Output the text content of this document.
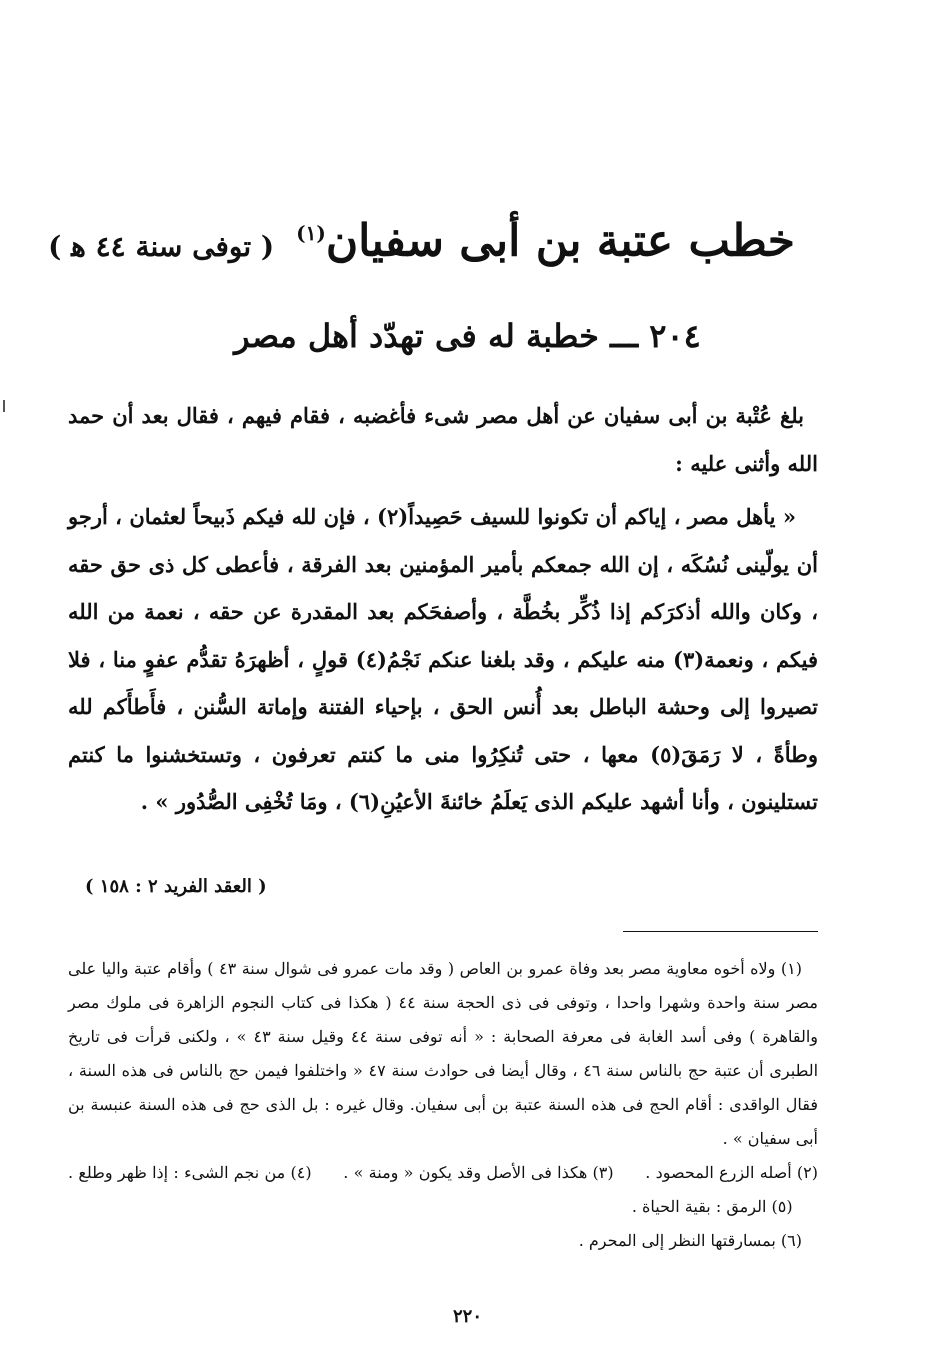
خطب عتبة بن أبى سفيان$^{(١)}$( توفى سنة ٤٤ ﻫ )
٢٠٤ ـــ خطبة له فى تهدّد أهل مصر

بلغ عُتْبة بن أبى سفيان عن أهل مصر شىء فأغضبه ، فقام فيهم ، فقال بعد أن حمد الله وأثنى عليه :

« يأهل مصر ، إياكم أن تكونوا للسيف حَصِيداً(٢) ، فإن لله فيكم ذَبيحاً لعثمان ، أرجو أن يولّينى نُسُكَه ، إن الله جمعكم بأمير المؤمنين بعد الفرقة ، فأعطى كل ذى حق حقه ، وكان والله أذكرَكم إذا ذُكِّر بخُطَّة ، وأصفحَكم بعد المقدرة عن حقه ، نعمة من الله فيكم ، ونعمة(٣) منه عليكم ، وقد بلغنا عنكم نَجْمُ(٤) قولٍ ، أظهرَهُ تقدُّم عفوٍ منا ، فلا تصيروا إلى وحشة الباطل بعد أُنس الحق ، بإحياء الفتنة وإماتة السُّنن ، فأَطأَكم لله وطأةً ، لا رَمَقَ(٥) معها ، حتى تُنكِرُوا منى ما كنتم تعرفون ، وتستخشنوا ما كنتم تستلينون ، وأنا أشهد عليكم الذى يَعلَمُ خائنةَ الأعيُنِ(٦) ، ومَا تُخْفِى الصُّدُور » .

( العقد الفريد ٢ : ١٥٨ )

(١) ولاه أخوه معاوية مصر بعد وفاة عمرو بن العاص ( وقد مات عمرو فى شوال سنة ٤٣ ) وأقام عتبة واليا على مصر سنة واحدة وشهرا واحدا ، وتوفى فى ذى الحجة سنة ٤٤ ( هكذا فى كتاب النجوم الزاهرة فى ملوك مصر والقاهرة ) وفى أسد الغابة فى معرفة الصحابة : « أنه توفى سنة ٤٤ وقيل سنة ٤٣ » ، ولكنى قرأت فى تاريخ الطبرى أن عتبة حج بالناس سنة ٤٦ ، وقال أيضا فى حوادث سنة ٤٧ « واختلفوا فيمن حج بالناس فى هذه السنة ، فقال الواقدى : أقام الحج فى هذه السنة عتبة بن أبى سفيان. وقال غيره : بل الذى حج فى هذه السنة عنبسة بن أبى سفيان » .

(٢) أصله الزرع المحصود .      (٣) هكذا فى الأصل وقد يكون « ومنة » .      (٤) من نجم الشىء : إذا ظهر وطلع .      (٥) الرمق : بقية الحياة .

(٦) بمسارقتها النظر إلى المحرم .

٢٢٠
